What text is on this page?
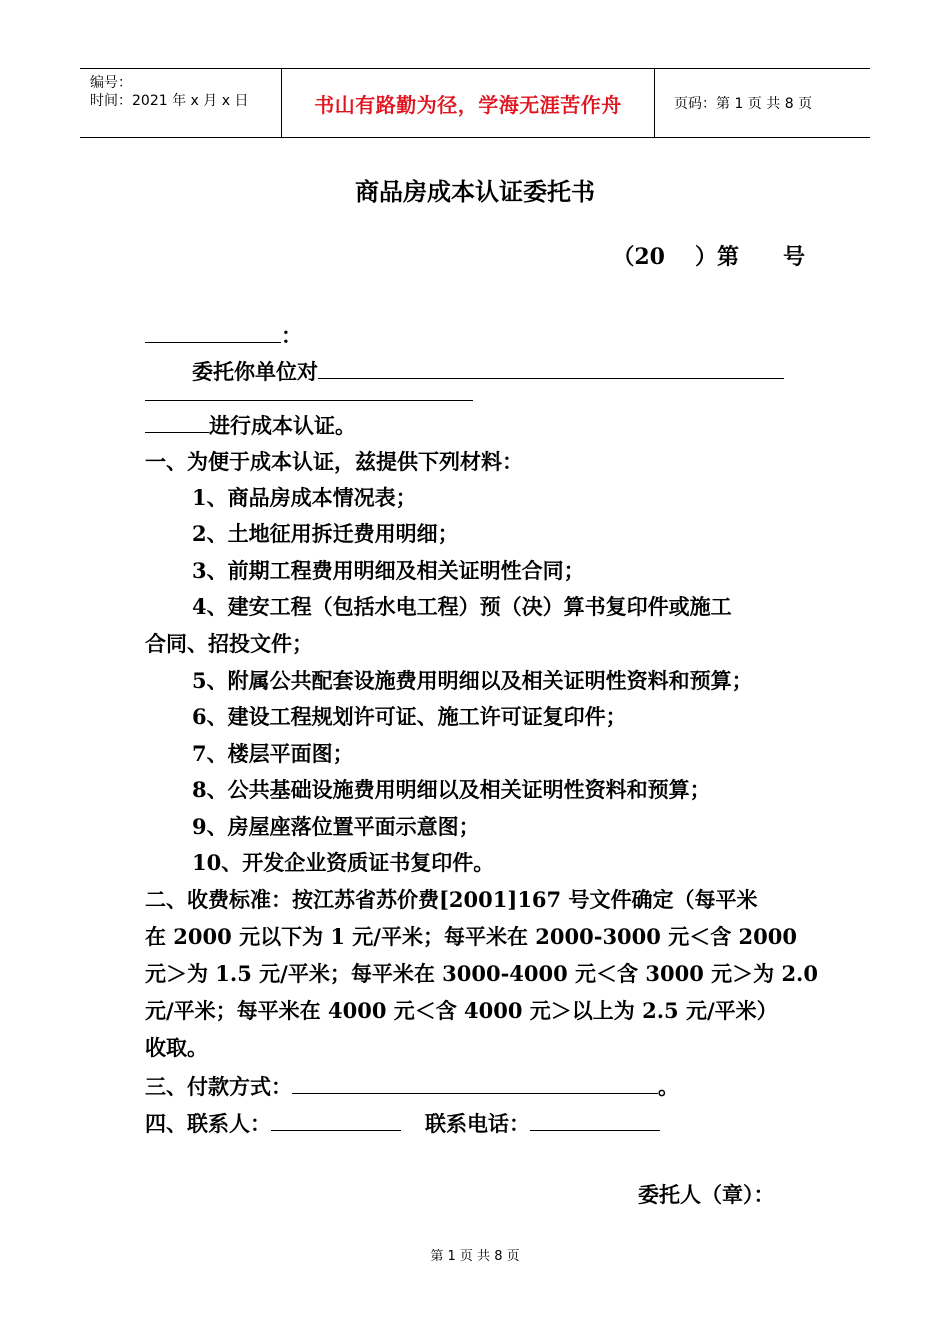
编号：
时间：2021 年 x 月 x 日	书山有路勤为径，学海无涯苦作舟	页码：第 1 页 共 8 页
商品房成本认证委托书
（20 ）第 号
：
委托你单位对
进行成本认证。
一、为便于成本认证，兹提供下列材料：
1、商品房成本情况表；
2、土地征用拆迁费用明细；
3、前期工程费用明细及相关证明性合同；
4、建安工程（包括水电工程）预（决）算书复印件或施工
合同、招投文件；
5、附属公共配套设施费用明细以及相关证明性资料和预算；
6、建设工程规划许可证、施工许可证复印件；
7、楼层平面图；
8、公共基础设施费用明细以及相关证明性资料和预算；
9、房屋座落位置平面示意图；
10、开发企业资质证书复印件。
二、收费标准：按江苏省苏价费[2001]167 号文件确定（每平米
在 2000 元以下为 1 元/平米；每平米在 2000-3000 元＜含 2000
元＞为 1.5 元/平米；每平米在 3000-4000 元＜含 3000 元＞为 2.0
元/平米；每平米在 4000 元＜含 4000 元＞以上为 2.5 元/平米）
收取。
三、付款方式：	。
四、联系人：	联系电话：
委托人（章）：
第 1 页 共 8 页
